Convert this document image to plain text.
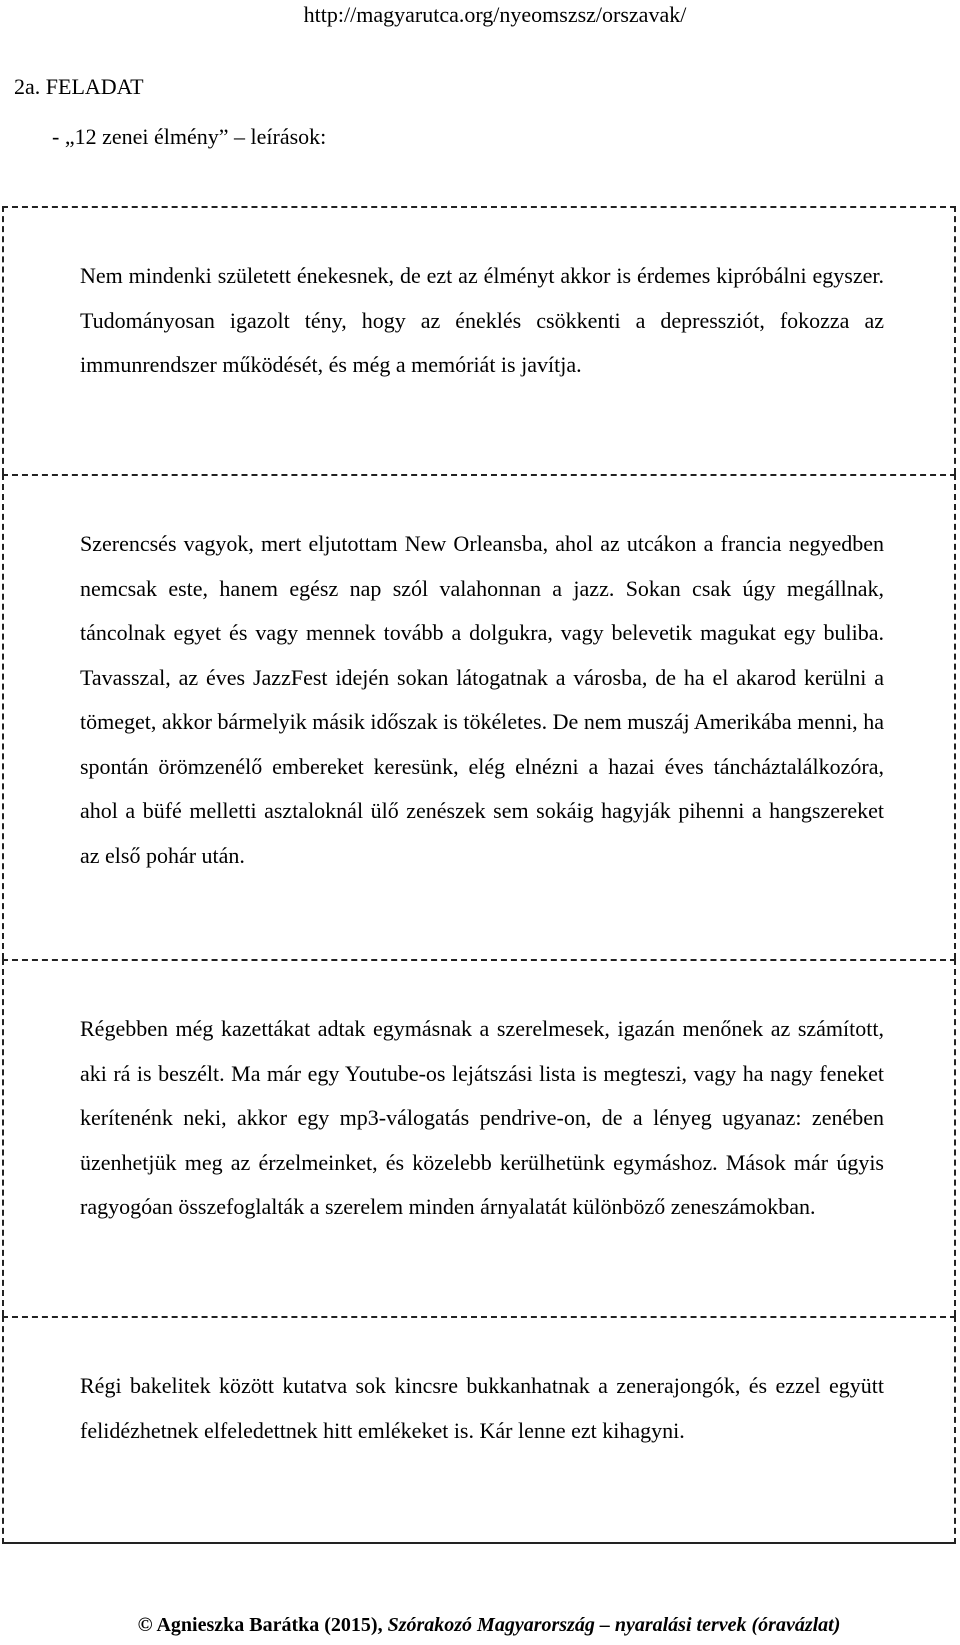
http://magyarutca.org/nyeomszsz/orszavak/
2a. FELADAT
- „12 zenei élmény” – leírások:

Nem mindenki született énekesnek, de ezt az élményt akkor is érdemes kipróbálni egyszer. Tudományosan igazolt tény, hogy az éneklés csökkenti a depressziót, fokozza az immunrendszer működését, és még a memóriát is javítja.

Szerencsés vagyok, mert eljutottam New Orleansba, ahol az utcákon a francia negyedben nemcsak este, hanem egész nap szól valahonnan a jazz. Sokan csak úgy megállnak, táncolnak egyet és vagy mennek tovább a dolgukra, vagy belevetik magukat egy buliba. Tavasszal, az éves JazzFest idején sokan látogatnak a városba, de ha el akarod kerülni a tömeget, akkor bármelyik másik időszak is tökéletes. De nem muszáj Amerikába menni, ha spontán örömzenélő embereket keresünk, elég elnézni a hazai éves táncháztalálkozóra, ahol a büfé melletti asztaloknál ülő zenészek sem sokáig hagyják pihenni a hangszereket az első pohár után.

Régebben még kazettákat adtak egymásnak a szerelmesek, igazán menőnek az számított, aki rá is beszélt. Ma már egy Youtube-os lejátszási lista is megteszi, vagy ha nagy feneket kerítenénk neki, akkor egy mp3-válogatás pendrive-on, de a lényeg ugyanaz: zenében üzenhetjük meg az érzelmeinket, és közelebb kerülhetünk egymáshoz. Mások már úgyis ragyogóan összefoglalták a szerelem minden árnyalatát különböző zeneszámokban.

Régi bakelitek között kutatva sok kincsre bukkanhatnak a zenerajongók, és ezzel együtt felidézhetnek elfeledettnek hitt emlékeket is. Kár lenne ezt kihagyni.

© Agnieszka Barátka (2015), Szórakozó Magyarország – nyaralási tervek (óravázlat)
